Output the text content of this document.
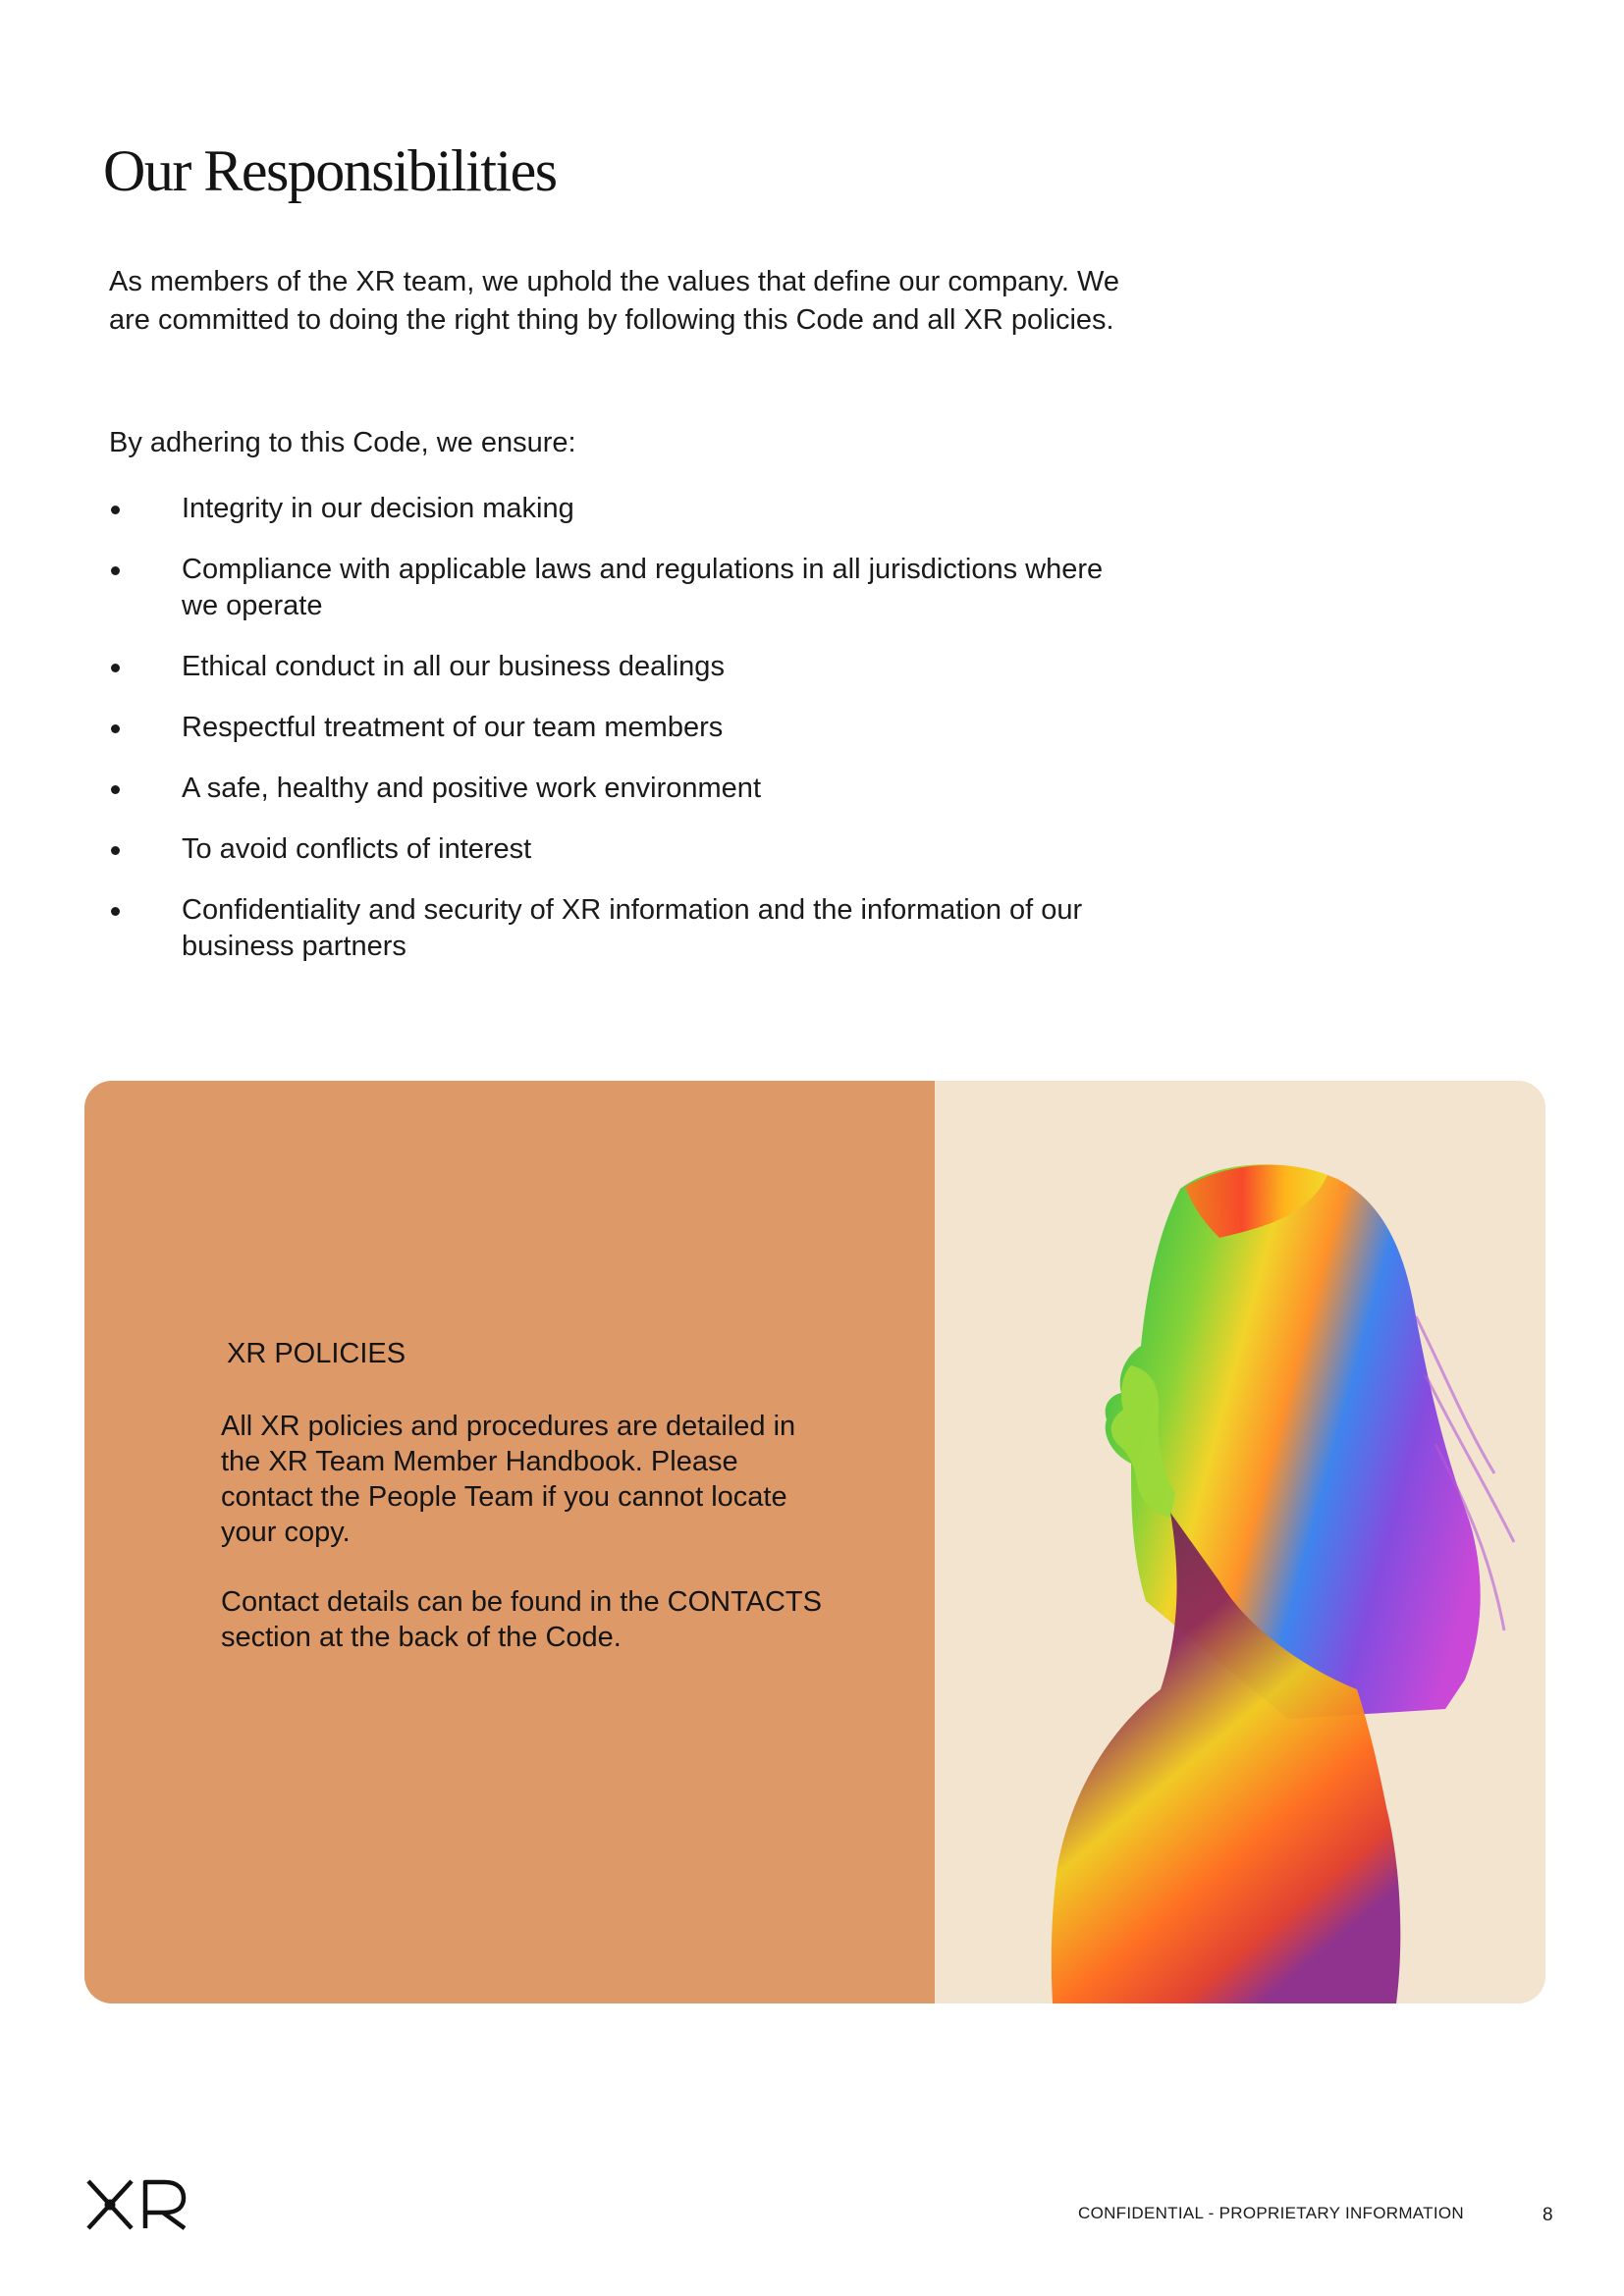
Our Responsibilities

As members of the XR team, we uphold the values that define our company. We are committed to doing the right thing by following this Code and all XR policies.

By adhering to this Code, we ensure:

Integrity in our decision making
Compliance with applicable laws and regulations in all jurisdictions where we operate
Ethical conduct in all our business dealings
Respectful treatment of our team members
A safe, healthy and positive work environment
To avoid conflicts of interest
Confidentiality and security of XR information and the information of our business partners
XR POLICIES

All XR policies and procedures are detailed in the XR Team Member Handbook. Please contact the People Team if you cannot locate your copy.

Contact details can be found in the CONTACTS section at the back of the Code.

CONFIDENTIAL - PROPRIETARY INFORMATION	8
